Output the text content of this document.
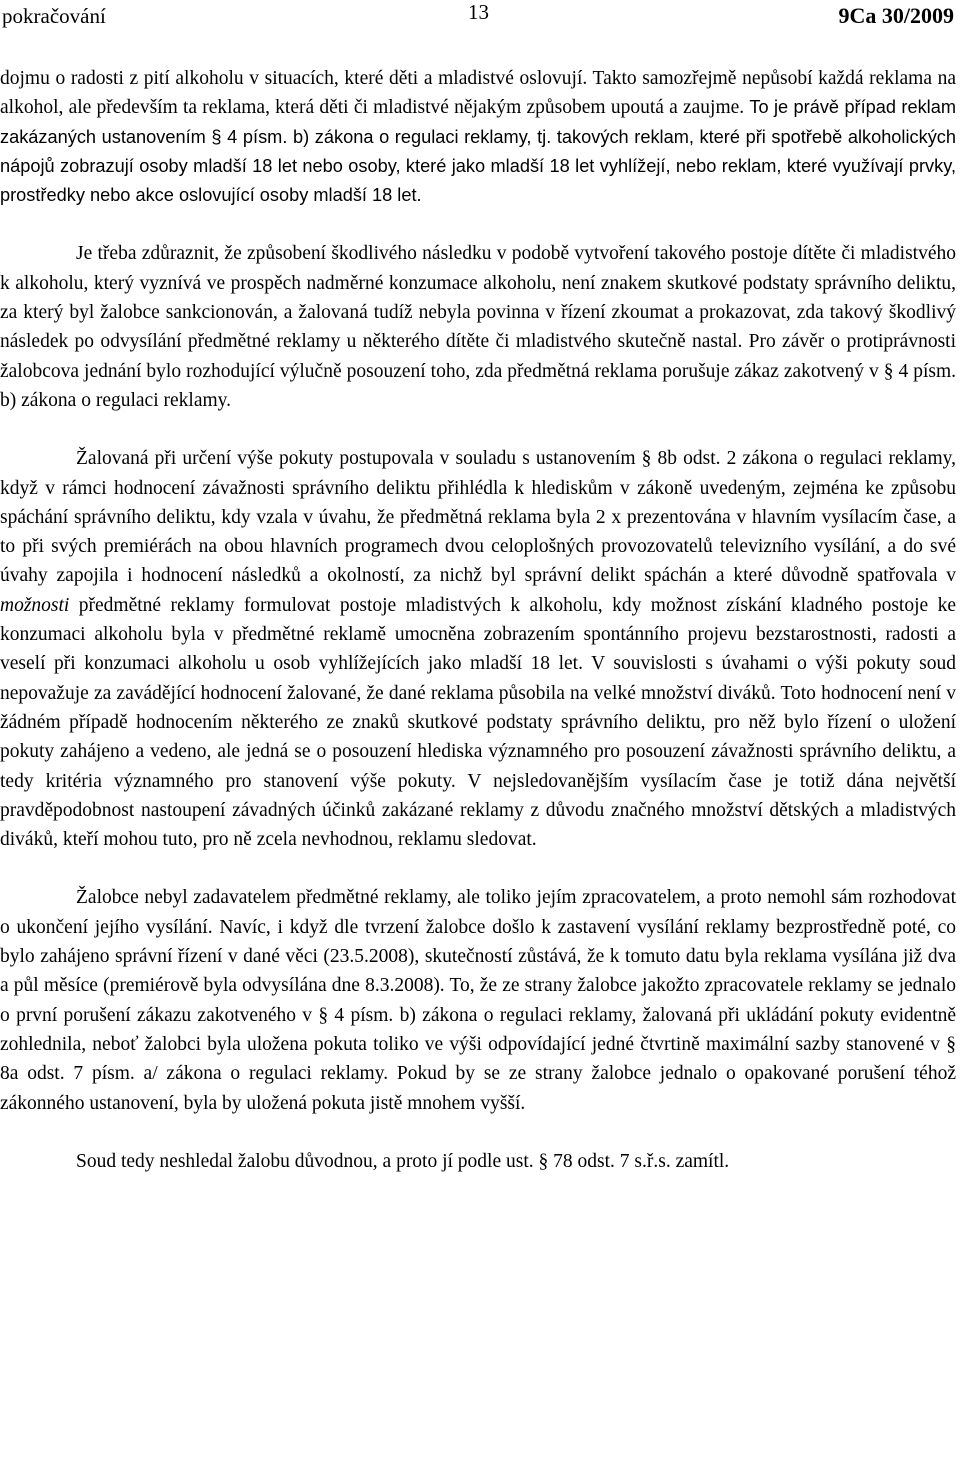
pokračování	13	9Ca 30/2009

dojmu o radosti z pití alkoholu v situacích, které děti a mladistvé oslovují. Takto samozřejmě nepůsobí každá reklama na alkohol, ale především ta reklama, která děti či mladistvé nějakým způsobem upoutá a zaujme. To je právě případ reklam zakázaných ustanovením § 4 písm. b) zákona o regulaci reklamy, tj. takových reklam, které při spotřebě alkoholických nápojů zobrazují osoby mladší 18 let nebo osoby, které jako mladší 18 let vyhlížejí, nebo reklam, které využívají prvky, prostředky nebo akce oslovující osoby mladší 18 let.

Je třeba zdůraznit, že způsobení škodlivého následku v podobě vytvoření takového postoje dítěte či mladistvého k alkoholu, který vyznívá ve prospěch nadměrné konzumace alkoholu, není znakem skutkové podstaty správního deliktu, za který byl žalobce sankcionován, a žalovaná tudíž nebyla povinna v řízení zkoumat a prokazovat, zda takový škodlivý následek po odvysílání předmětné reklamy u některého dítěte či mladistvého skutečně nastal. Pro závěr o protiprávnosti žalobcova jednání bylo rozhodující výlučně posouzení toho, zda předmětná reklama porušuje zákaz zakotvený v § 4 písm. b) zákona o regulaci reklamy.

Žalovaná při určení výše pokuty postupovala v souladu s ustanovením § 8b odst. 2 zákona o regulaci reklamy, když v rámci hodnocení závažnosti správního deliktu přihlédla k hlediskům v zákoně uvedeným, zejména ke způsobu spáchání správního deliktu, kdy vzala v úvahu, že předmětná reklama byla 2 x prezentována v hlavním vysílacím čase, a to při svých premiérách na obou hlavních programech dvou celoplošných provozovatelů televizního vysílání, a do své úvahy zapojila i hodnocení následků a okolností, za nichž byl správní delikt spáchán a které důvodně spatřovala v možnosti předmětné reklamy formulovat postoje mladistvých k alkoholu, kdy možnost získání kladného postoje ke konzumaci alkoholu byla v předmětné reklamě umocněna zobrazením spontánního projevu bezstarostnosti, radosti a veselí při konzumaci alkoholu u osob vyhlížejících jako mladší 18 let. V souvislosti s úvahami o výši pokuty soud nepovažuje za zavádějící hodnocení žalované, že dané reklama působila na velké množství diváků. Toto hodnocení není v žádném případě hodnocením některého ze znaků skutkové podstaty správního deliktu, pro něž bylo řízení o uložení pokuty zahájeno a vedeno, ale jedná se o posouzení hlediska významného pro posouzení závažnosti správního deliktu, a tedy kritéria významného pro stanovení výše pokuty. V nejsledovanějším vysílacím čase je totiž dána největší pravděpodobnost nastoupení závadných účinků zakázané reklamy z důvodu značného množství dětských a mladistvých diváků, kteří mohou tuto, pro ně zcela nevhodnou, reklamu sledovat.

Žalobce nebyl zadavatelem předmětné reklamy, ale toliko jejím zpracovatelem, a proto nemohl sám rozhodovat o ukončení jejího vysílání. Navíc, i když dle tvrzení žalobce došlo k zastavení vysílání reklamy bezprostředně poté, co bylo zahájeno správní řízení v dané věci (23.5.2008), skutečností zůstává, že k tomuto datu byla reklama vysílána již dva a půl měsíce (premiérově byla odvysílána dne 8.3.2008). To, že ze strany žalobce jakožto zpracovatele reklamy se jednalo o první porušení zákazu zakotveného v § 4 písm. b) zákona o regulaci reklamy, žalovaná při ukládání pokuty evidentně zohlednila, neboť žalobci byla uložena pokuta toliko ve výši odpovídající jedné čtvrtině maximální sazby stanovené v § 8a odst. 7 písm. a/ zákona o regulaci reklamy. Pokud by se ze strany žalobce jednalo o opakované porušení téhož zákonného ustanovení, byla by uložená pokuta jistě mnohem vyšší.

Soud tedy neshledal žalobu důvodnou, a proto jí podle ust. § 78 odst. 7 s.ř.s. zamítl.
